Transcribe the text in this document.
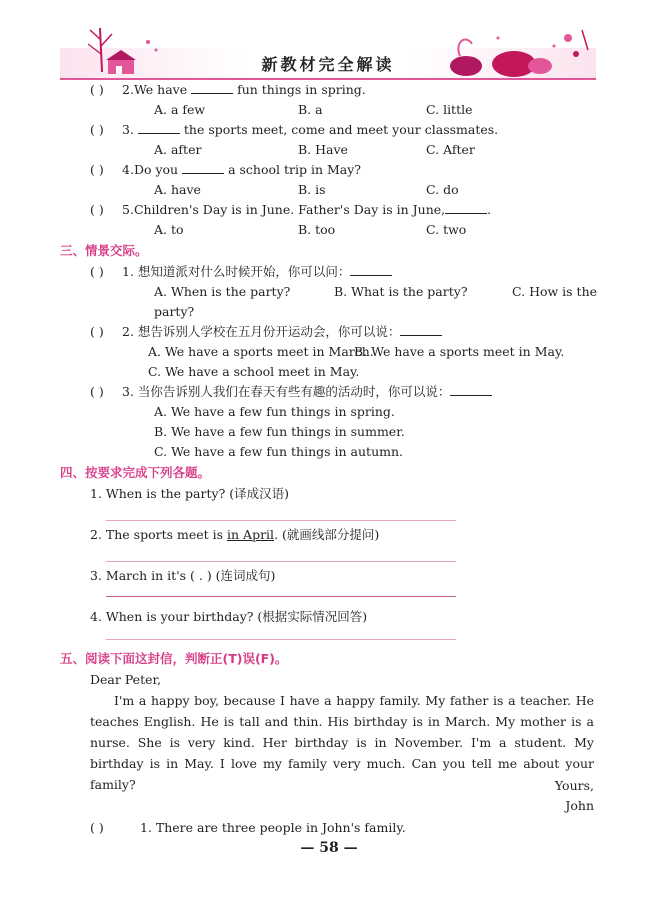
新教材完全解读
( ) 2.We have	fun things in spring.
A. a few	B. a	C. little
( ) 3.	the sports meet, come and meet your classmates.
A. after	B. Have	C. After
( ) 4.Do you	a school trip in May?
A. have	B. is	C. do
( ) 5.Children's Day is in June. Father's Day is in June,	.
A. to	B. too	C. two
三、情景交际。
( ) 1. 想知道派对什么时候开始，你可以问：
A. When is the party?	B. What is the party?	C. How is the
party?
( ) 2. 想告诉别人学校在五月份开运动会，你可以说：
A. We have a sports meet in March.
B. We have a sports meet in May.
C. We have a school meet in May.
( ) 3. 当你告诉别人我们在春天有些有趣的活动时，你可以说：
A. We have a few fun things in spring.
B. We have a few fun things in summer.
C. We have a few fun things in autumn.
四、按要求完成下列各题。
1. When is the party? (译成汉语)
2. The sports meet is in April. (就画线部分提问)
3. March in it's ( . ) (连词成句)
4. When is your birthday? (根据实际情况回答)
五、阅读下面这封信，判断正(T)误(F)。
Dear Peter,

I'm a happy boy, because I have a happy family. My father is a teacher. He teaches English. He is tall and thin. His birthday is in March. My mother is a nurse. She is very kind. Her birthday is in November. I'm a student. My birthday is in May. I love my family very much. Can you tell me about your family?	Yours,
John
( )	1. There are three people in John's family.
— 58 —
